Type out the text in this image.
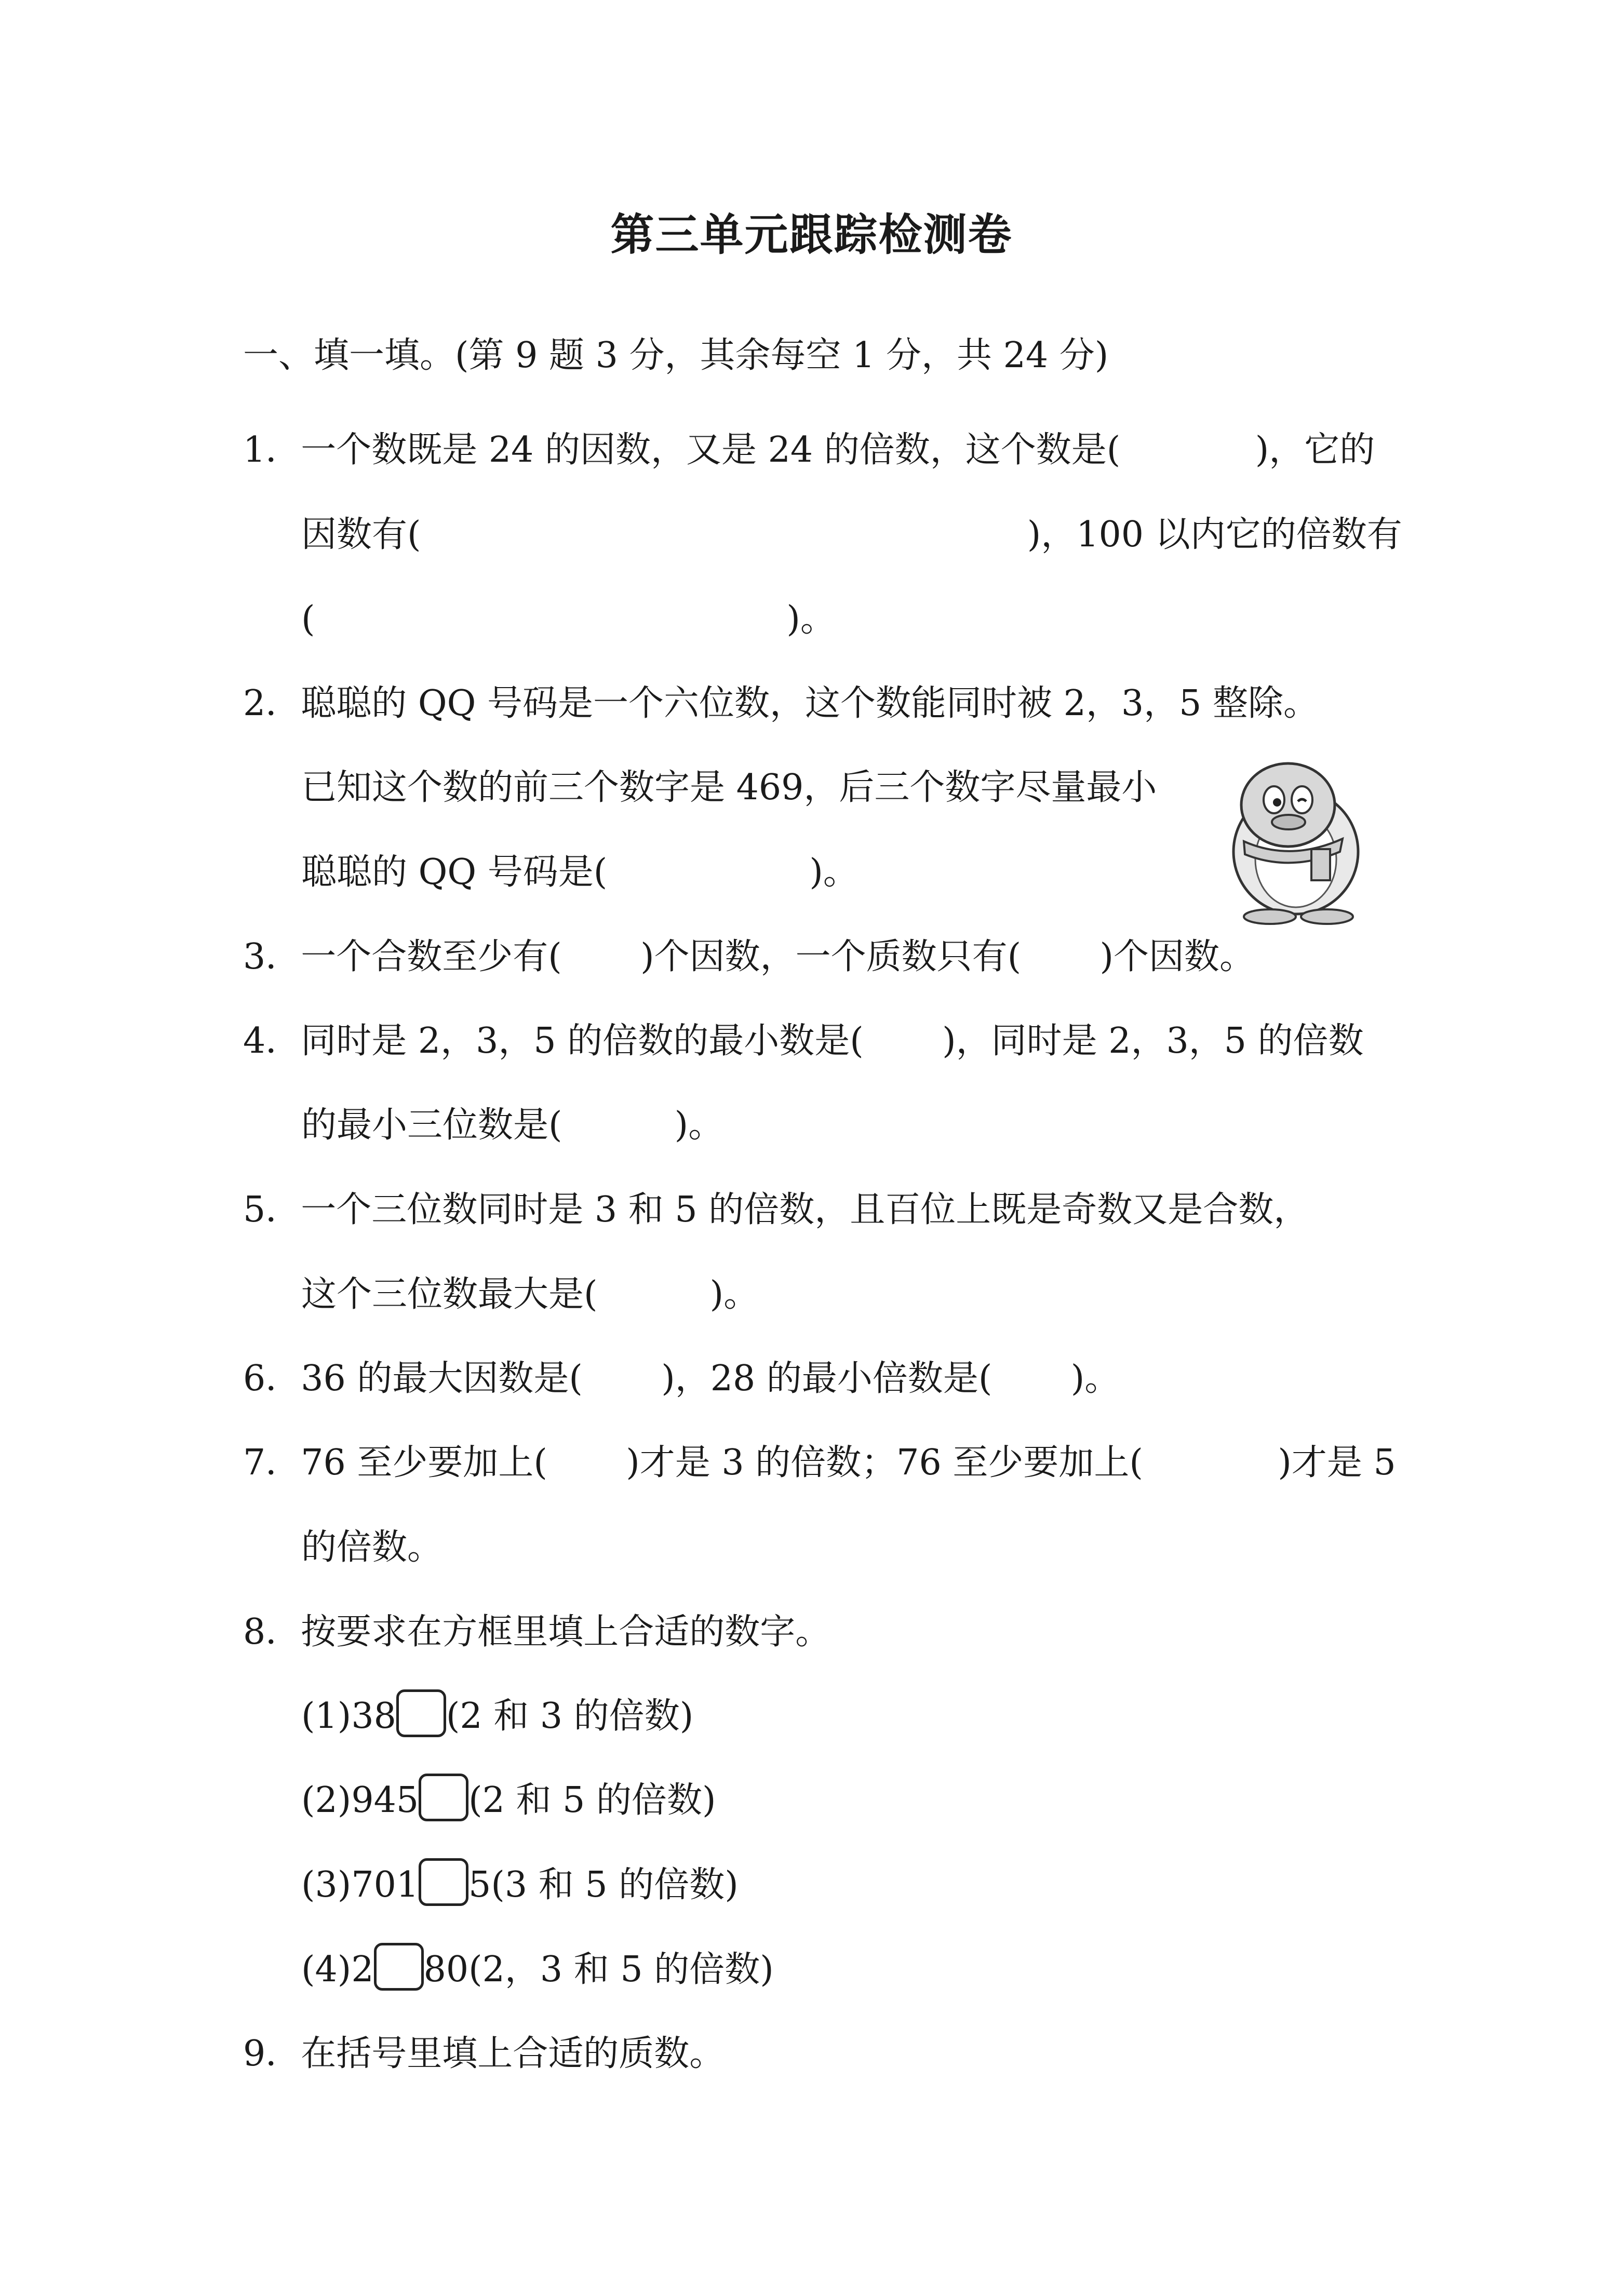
第三单元跟踪检测卷
一、填一填。(第 9 题 3 分，其余每空 1 分，共 24 分)
1．一个数既是 24 的因数，又是 24 的倍数，这个数是(            )，它的
因数有(                                                      )，100 以内它的倍数有
(                                          )。
2．聪聪的 QQ 号码是一个六位数，这个数能同时被 2，3，5 整除。
已知这个数的前三个数字是 469，后三个数字尽量最小
聪聪的 QQ 号码是(                  )。
3．一个合数至少有(       )个因数，一个质数只有(       )个因数。
4．同时是 2，3，5 的倍数的最小数是(       )，同时是 2，3，5 的倍数
的最小三位数是(          )。
5．一个三位数同时是 3 和 5 的倍数，且百位上既是奇数又是合数，
这个三位数最大是(          )。
6．36 的最大因数是(       )，28 的最小倍数是(       )。
7．76 至少要加上(       )才是 3 的倍数；76 至少要加上(            )才是 5
的倍数。
8．按要求在方框里填上合适的数字。
(1)38 (2 和 3 的倍数)
(2)945 (2 和 5 的倍数)
(3)701 5(3 和 5 的倍数)
(4)2 80(2，3 和 5 的倍数)
9．在括号里填上合适的质数。
